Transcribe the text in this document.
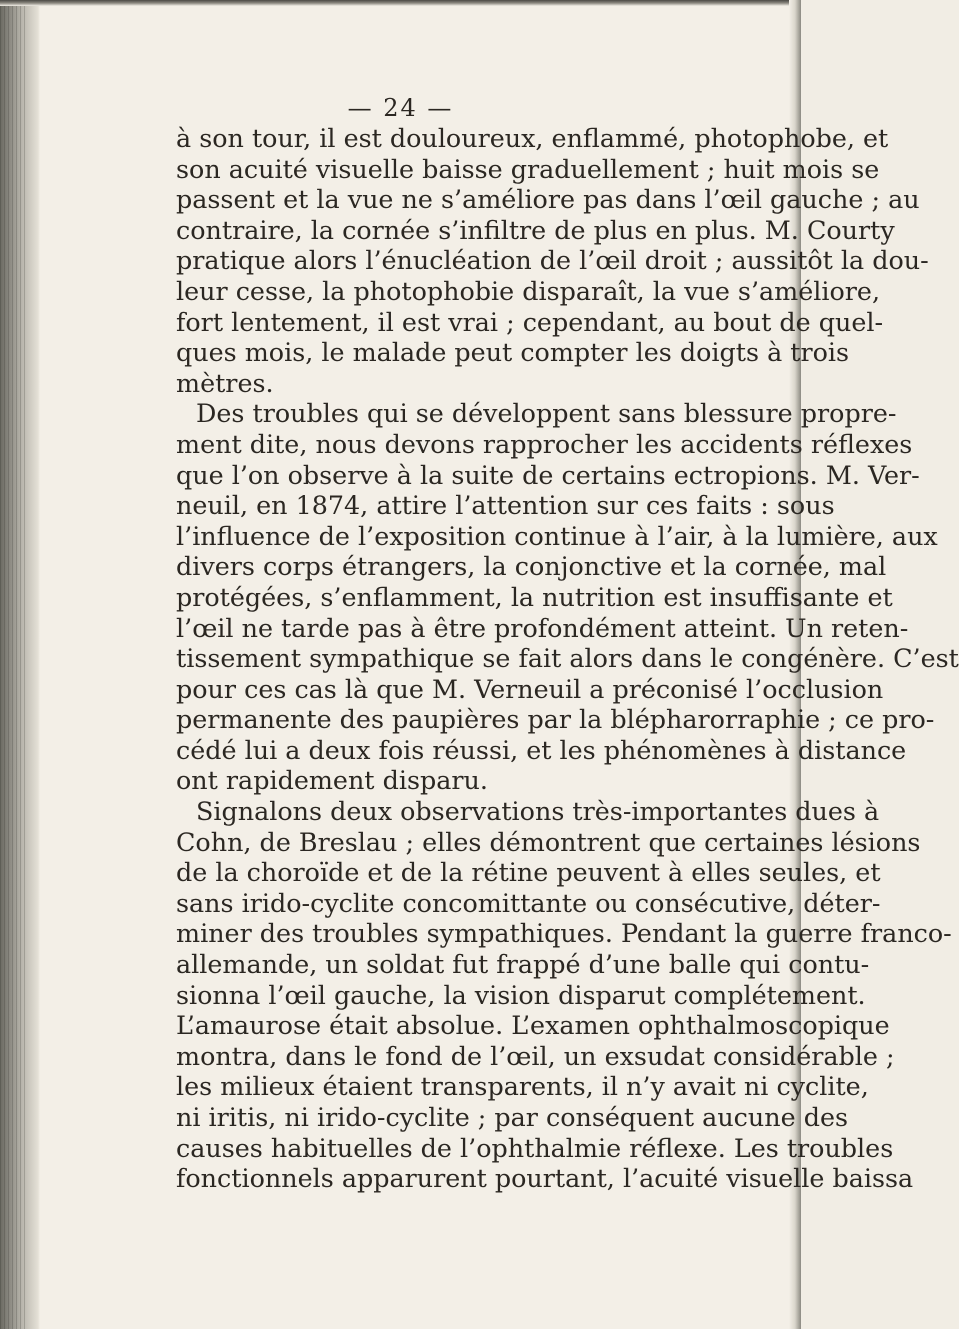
— 24 —
à son tour, il est douloureux, enflammé, photophobe, et
son acuité visuelle baisse graduellement ; huit mois se
passent et la vue ne s’améliore pas dans l’œil gauche ; au
contraire, la cornée s’infiltre de plus en plus. M. Courty
pratique alors l’énucléation de l’œil droit ; aussitôt la dou-
leur cesse, la photophobie disparaît, la vue s’améliore,
fort lentement, il est vrai ; cependant, au bout de quel-
ques mois, le malade peut compter les doigts à trois
mètres.
Des troubles qui se développent sans blessure propre-
ment dite, nous devons rapprocher les accidents réflexes
que l’on observe à la suite de certains ectropions. M. Ver-
neuil, en 1874, attire l’attention sur ces faits : sous
l’influence de l’exposition continue à l’air, à la lumière, aux
divers corps étrangers, la conjonctive et la cornée, mal
protégées, s’enflamment, la nutrition est insuffisante et
l’œil ne tarde pas à être profondément atteint. Un reten-
tissement sympathique se fait alors dans le congénère. C’est
pour ces cas là que M. Verneuil a préconisé l’occlusion
permanente des paupières par la blépharorraphie ; ce pro-
cédé lui a deux fois réussi, et les phénomènes à distance
ont rapidement disparu.
Signalons deux observations très-importantes dues à
Cohn, de Breslau ; elles démontrent que certaines lésions
de la choroïde et de la rétine peuvent à elles seules, et
sans irido-cyclite concomittante ou consécutive, déter-
miner des troubles sympathiques. Pendant la guerre franco-
allemande, un soldat fut frappé d’une balle qui contu-
sionna l’œil gauche, la vision disparut complétement.
L’amaurose était absolue. L’examen ophthalmoscopique
montra, dans le fond de l’œil, un exsudat considérable ;
les milieux étaient transparents, il n’y avait ni cyclite,
ni iritis, ni irido-cyclite ; par conséquent aucune des
causes habituelles de l’ophthalmie réflexe. Les troubles
fonctionnels apparurent pourtant, l’acuité visuelle baissa
